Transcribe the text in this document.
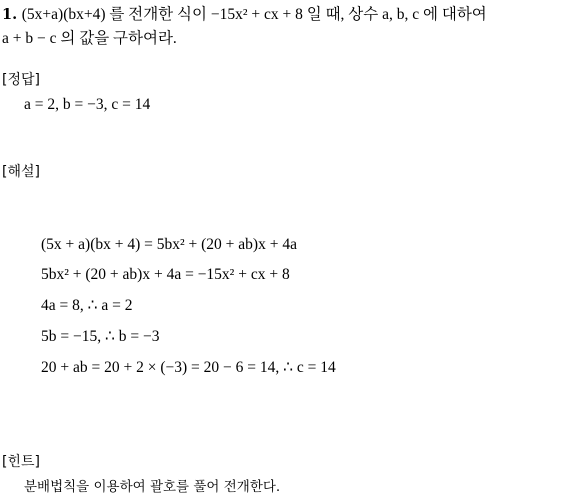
1. (5x+a)(bx+4) 를 전개한 식이 −15x² + cx + 8 일 때, 상수 a, b, c 에 대하여
a + b − c 의 값을 구하여라.
[정답]
a = 2, b = −3, c = 14
[해설]
(5x + a)(bx + 4) = 5bx² + (20 + ab)x + 4a
5bx² + (20 + ab)x + 4a = −15x² + cx + 8
4a = 8, ∴ a = 2
5b = −15, ∴ b = −3
20 + ab = 20 + 2 × (−3) = 20 − 6 = 14, ∴ c = 14
[힌트]
분배법칙을 이용하여 괄호를 풀어 전개한다.
